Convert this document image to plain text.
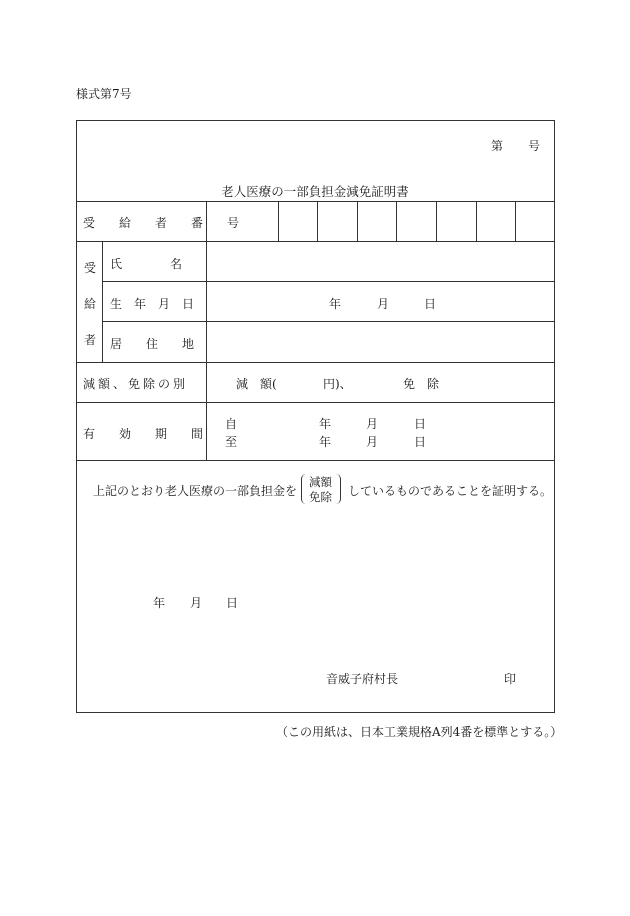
様式第7号
第 号
老人医療の一部負担金減免証明書
受　　給　　者　　番　　号
受
給
者
氏　　　　名
生　年　月　日	年	月	日
居　　住　　地
減額、免除の別	減　額(	円)、	免　除
有　　効　　期　　間
自	年	月	日
至	年	月	日
上記のとおり老人医療の一部負担金を
減額
免除 しているものであることを証明する。
年 月 日
音威子府村長	印
（この用紙は、日本工業規格A列4番を標準とする。）
